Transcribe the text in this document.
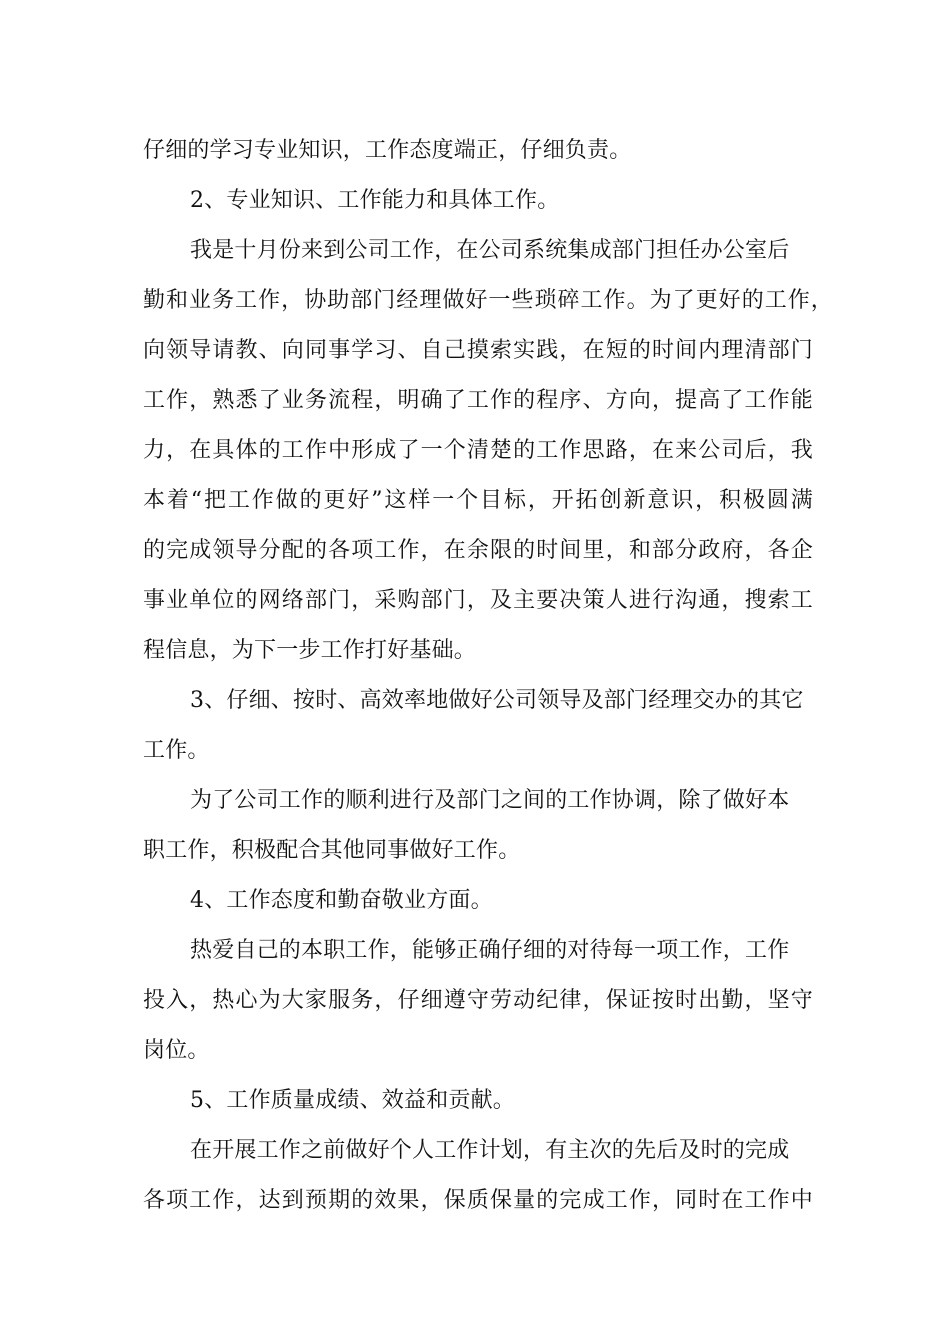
仔细的学习专业知识，工作态度端正，仔细负责。
2、专业知识、工作能力和具体工作。
我是十月份来到公司工作，在公司系统集成部门担任办公室后
勤和业务工作，协助部门经理做好一些琐碎工作。为了更好的工作，
向领导请教、向同事学习、自己摸索实践，在短的时间内理清部门
工作，熟悉了业务流程，明确了工作的程序、方向，提高了工作能
力，在具体的工作中形成了一个清楚的工作思路，在来公司后，我
本着“把工作做的更好”这样一个目标，开拓创新意识，积极圆满
的完成领导分配的各项工作，在余限的时间里，和部分政府，各企
事业单位的网络部门，采购部门，及主要决策人进行沟通，搜索工
程信息，为下一步工作打好基础。
3、仔细、按时、高效率地做好公司领导及部门经理交办的其它
工作。
为了公司工作的顺利进行及部门之间的工作协调，除了做好本
职工作，积极配合其他同事做好工作。
4、工作态度和勤奋敬业方面。
热爱自己的本职工作，能够正确仔细的对待每一项工作，工作
投入，热心为大家服务，仔细遵守劳动纪律，保证按时出勤，坚守
岗位。
5、工作质量成绩、效益和贡献。
在开展工作之前做好个人工作计划，有主次的先后及时的完成
各项工作，达到预期的效果，保质保量的完成工作，同时在工作中
